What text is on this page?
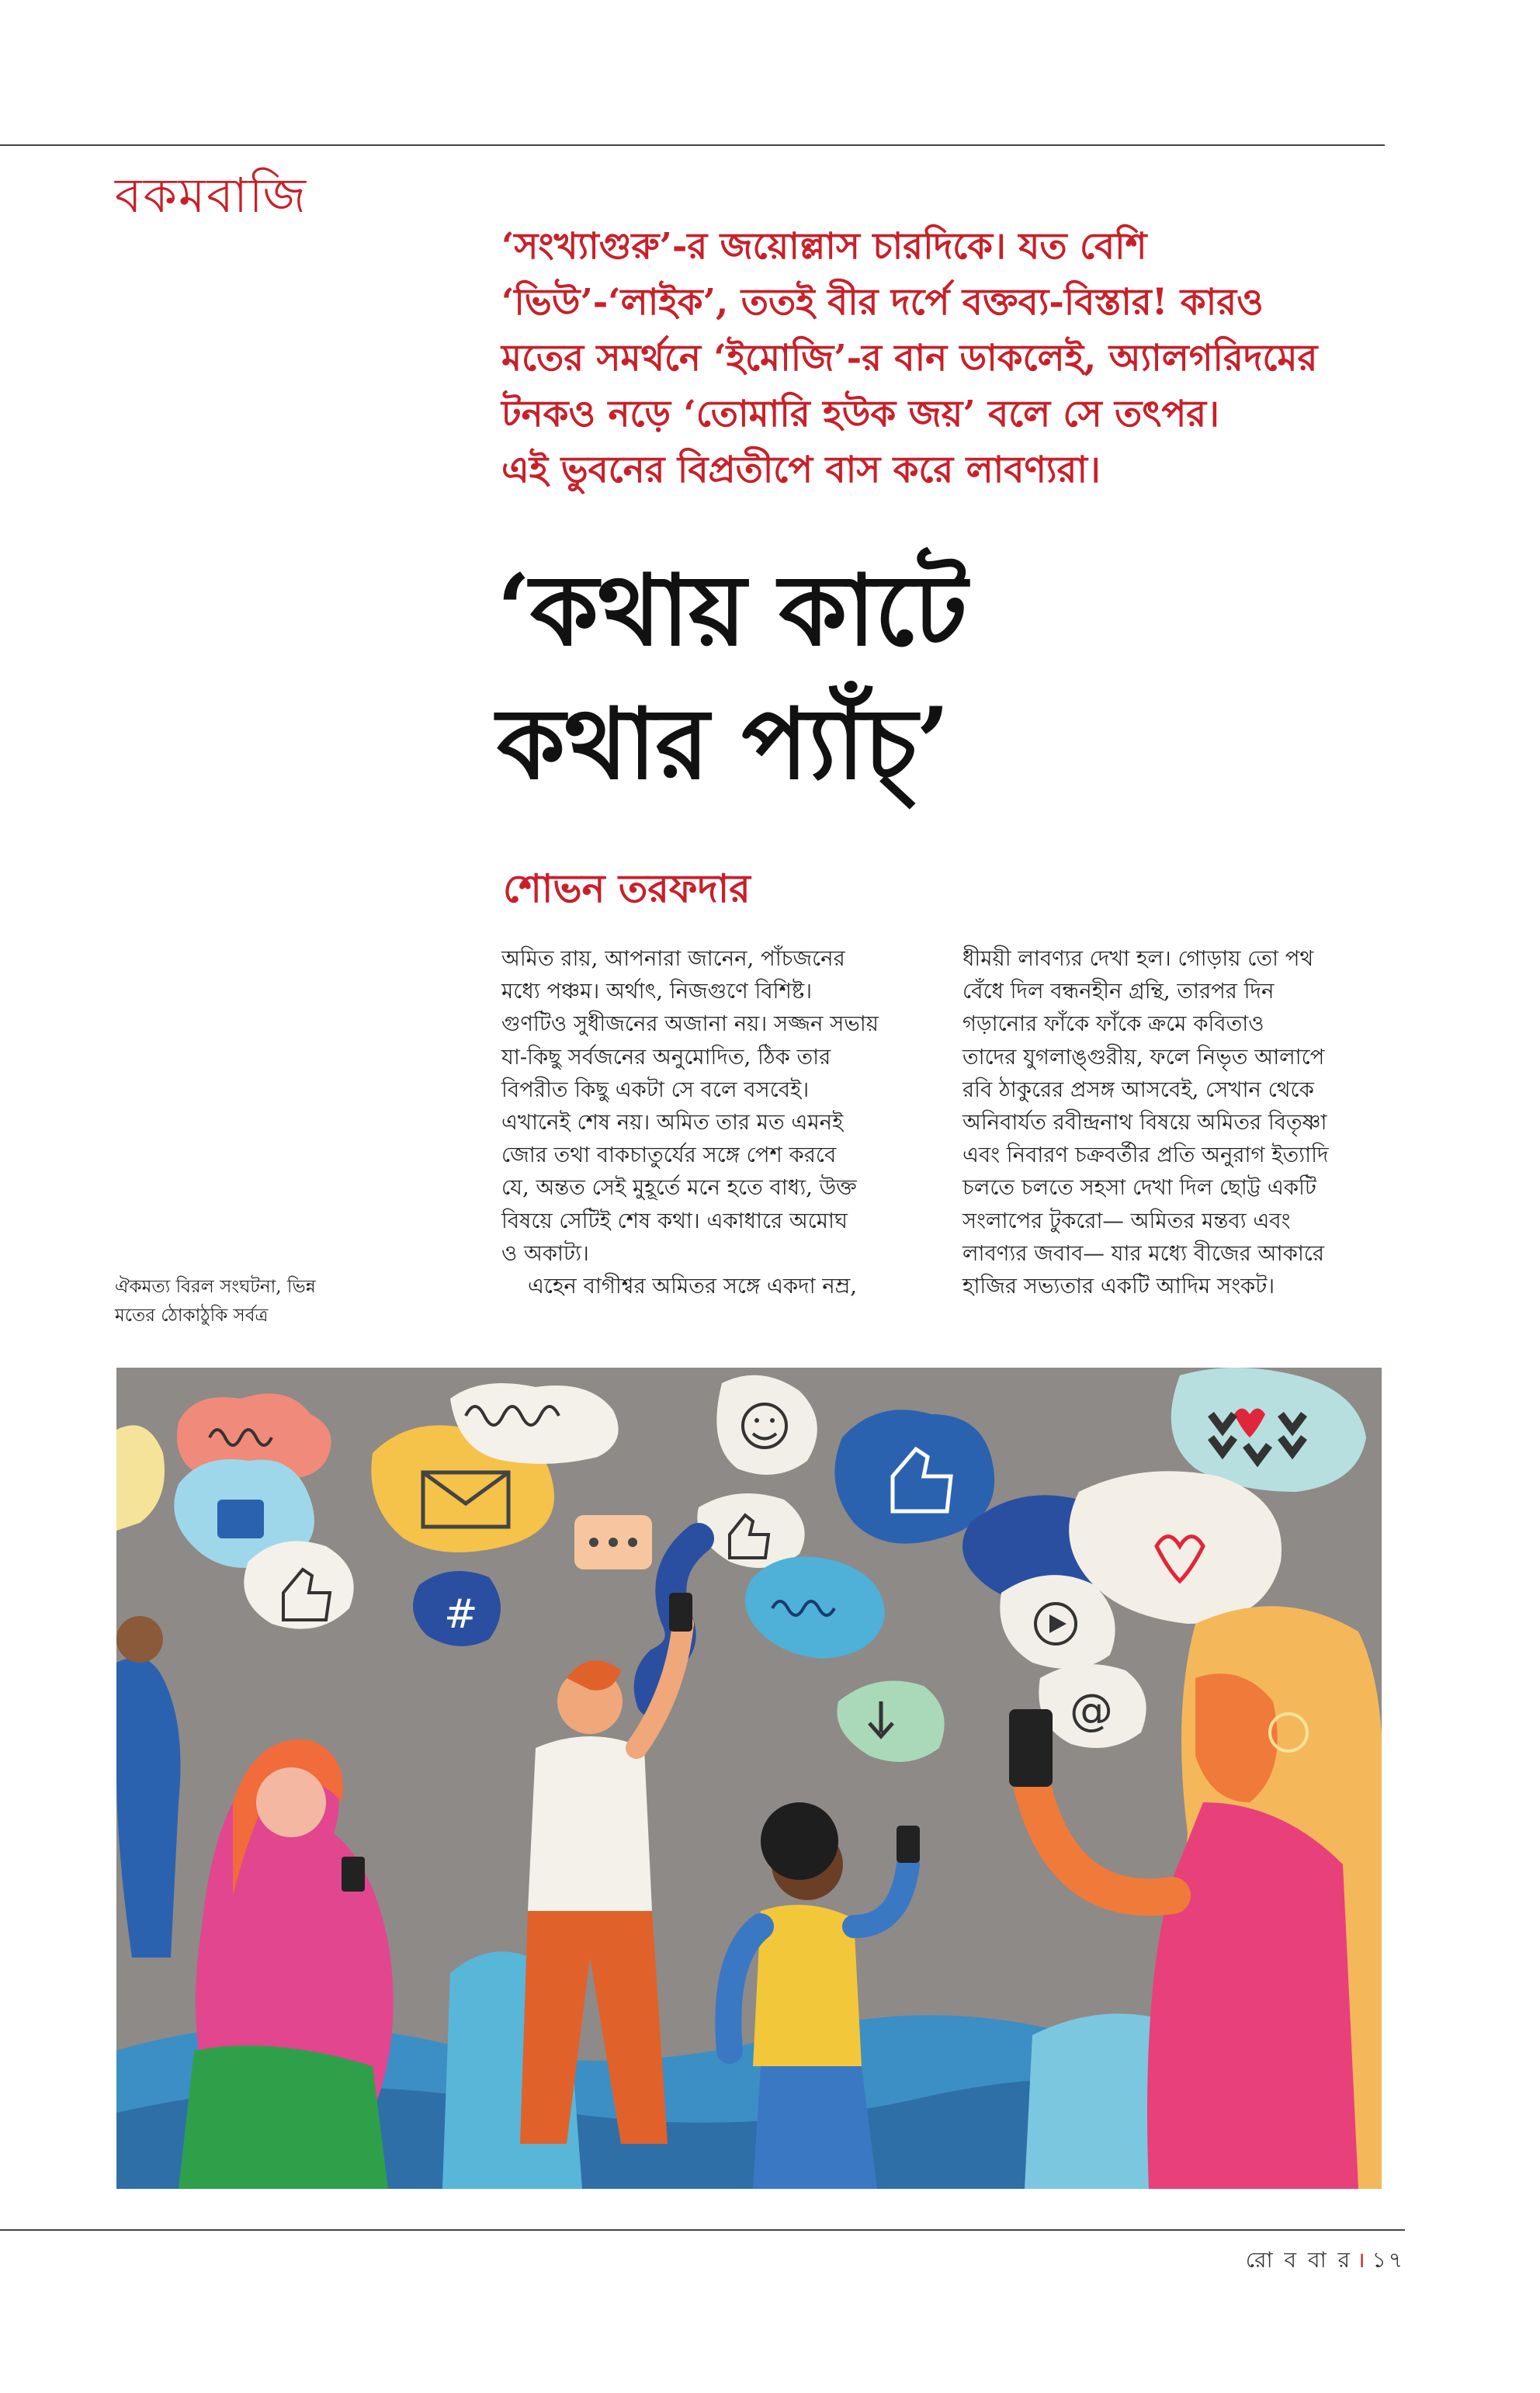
বকমবাজি
‘সংখ্যাগুরু’-র জয়োল্লাস চারদিকে। যত বেশি
‘ভিউ’-‘লাইক’, ততই বীর দর্পে বক্তব্য-বিস্তার! কারও
মতের সমর্থনে ‘ইমোজি’-র বান ডাকলেই, অ্যালগরিদমের
টনকও নড়ে ‘তোমারি হউক জয়’ বলে সে তৎপর।
এই ভুবনের বিপ্রতীপে বাস করে লাবণ্যরা।
‘কথায় কাটে
কথার প্যাঁচ্’
শোভন তরফদার
অমিত রায়, আপনারা জানেন, পাঁচজনের
মধ্যে পঞ্চম। অর্থাৎ, নিজগুণে বিশিষ্ট।
গুণটিও সুধীজনের অজানা নয়। সজ্জন সভায়
যা-কিছু সর্বজনের অনুমোদিত, ঠিক তার
বিপরীত কিছু একটা সে বলে বসবেই।
এখানেই শেষ নয়। অমিত তার মত এমনই
জোর তথা বাকচাতুর্যের সঙ্গে পেশ করবে
যে, অন্তত সেই মুহূর্তে মনে হতে বাধ্য, উক্ত
বিষয়ে সেটিই শেষ কথা। একাধারে অমোঘ
ও অকাট্য।
এহেন বাগীশ্বর অমিতর সঙ্গে একদা নম্র,
ধীময়ী লাবণ্যর দেখা হল। গোড়ায় তো পথ
বেঁধে দিল বন্ধনহীন গ্রন্থি, তারপর দিন
গড়ানোর ফাঁকে ফাঁকে ক্রমে কবিতাও
তাদের যুগলাঙ্গুরীয়, ফলে নিভৃত আলাপে
রবি ঠাকুরের প্রসঙ্গ আসবেই, সেখান থেকে
অনিবার্যত রবীন্দ্রনাথ বিষয়ে অমিতর বিতৃষ্ণা
এবং নিবারণ চক্রবর্তীর প্রতি অনুরাগ ইত্যাদি
চলতে চলতে সহসা দেখা দিল ছোট্ট একটি
সংলাপের টুকরো— অমিতর মন্তব্য এবং
লাবণ্যর জবাব— যার মধ্যে বীজের আকারে
হাজির সভ্যতার একটি আদিম সংকট।
ঐকমত্য বিরল সংঘটনা, ভিন্ন
মতের ঠোকাঠুকি সর্বত্র
#
@
রো ব বা র । ১৭
